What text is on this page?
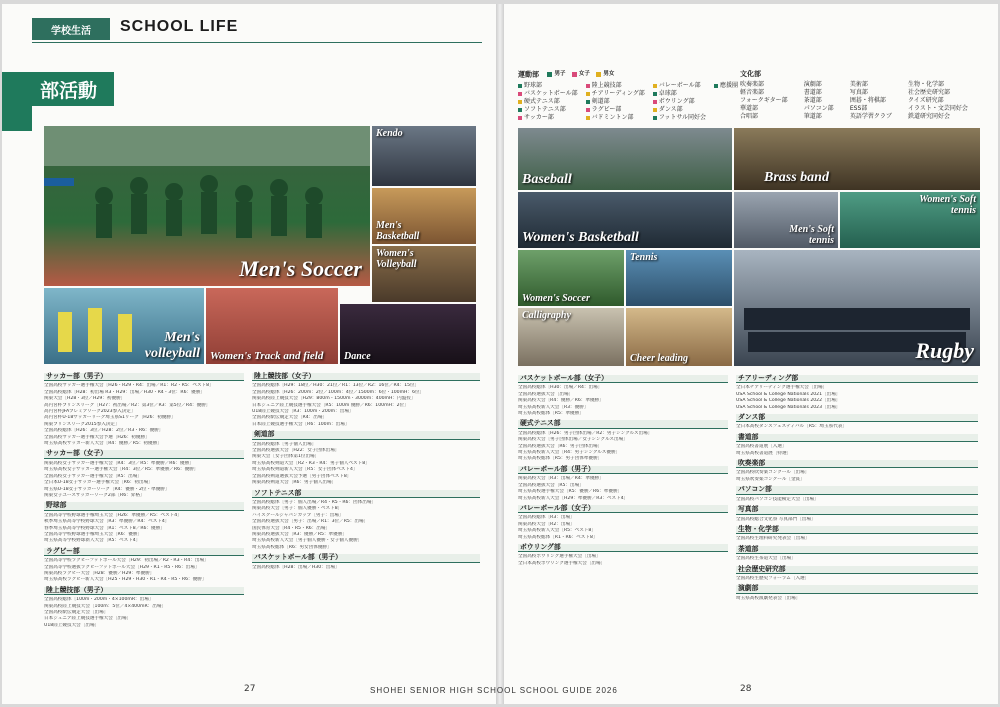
学校生活	SCHOOL LIFE
部活動
Men's Soccer
Kendo
Men's Basketball
Women's Volleyball
Men's volleyball Women's Track and field Dance
サッカー部（男子）
全国高校サッカー選手権大会［H26・R29・R4：出場／R1：R2・R5：ベスト8］
全国高校総体［H28：初出場 R3・H29：出場／H30・R4・3位：R6：優勝］
関東大会［H28・3位／H29：初優勝］
高円宮杯プリンスリーグ［H27：初出場／R2：第3位／R3：第5位／R4：優勝］
高円宮杯JFAプレミアリーグ2023参入決定］
高円宮杯U-18サッカーリーグ埼玉県S1リーグ［H26：初優勝］
関東プリンスリーグ2015参入決定］
全国高校総体［H26：3位／H28：2位／R3・R6：優勝］
全国高校サッカー選手権大会予選［H26：初優勝］
埼玉県高校サッカー新人大会［R4：優勝／R5：初優勝］
サッカー部（女子）
関東高校女子サッカー選手権大会［R4：3位／R5：準優勝／R6：優勝］
埼玉県高校女子サッカー選手権大会［R4：3位／R5：準優勝／R6：優勝］
全国高校女子サッカー選手権大会［R5：出場］
全日本U-18女子サッカー選手権大会［R6：初出場］
埼玉県U-18女子サッカーリーグ［R4：優勝・2位・準優勝］
関東女子ユースサッカーリーグ2部［R6：昇格］
野球部
全国高等学校野球選手権埼玉大会［H26：準優勝／R5：ベスト4］
秋季埼玉県高等学校野球大会［R3：準優勝／R4：ベスト4］
春季埼玉県高等学校野球大会［R1：ベスト8／R6：優勝］
全国高等学校野球選手権埼玉大会［R6：優勝］
埼玉県高等学校野球新人大会［R5：ベスト4］
ラグビー部
全国高等学校ラグビーフットボール大会［H29：初出場／R2・R3・R4：出場］
全国高等学校選抜ラグビーフットボール大会［H29・R1・R5・R6：出場］
関東高校ラグビー大会［H28：優勝／H29：準優勝］
埼玉県高校ラグビー新人大会［H25・H29・H30・R1・R4・R5・R6：優勝］
陸上競技部（男子）
全国高校総体［100m・200m・4×100mR：出場］
関東高校陸上競技大会［100m：5位／4×400mR：出場］
全国高校駅伝競走大会［出場］
日本ジュニア陸上競技選手権大会［出場］
U18陸上競技大会［出場］
陸上競技部（女子）
全国高校総体［H29：18位／H30：21位／R1：13位／R2：16位／R4：15位］
全国高校総体［H26：200m：2位／100m：4位／1500m：6位・100mH：6位］
関東高校陸上競技大会［H29：800m・1500m・3000m：400mH：円盤投］
日本ジュニア陸上競技選手権大会［R5：100m 優勝／R6：100mH：2位］
U18陸上競技大会［R3：100m・200m：出場］
全国高校駅伝競走大会［R4：出場］
日本陸上競技選手権大会［R6：100m：出場］
剣道部
全国高校総体［男子個人出場］
全国高校選抜大会［H22：女子団体出場］
関東大会［女子団体第1位出場］
埼玉県高校剣道大会［R2・R3・R4：男子個人ベスト8］
埼玉県高校剣道新人大会［R5：女子団体ベスト4］
全国高校剣道選抜大会予選［男子団体ベスト8］
関東高校剣道大会［R6：男子個人出場］
ソフトテニス部
全国高校総体［男子：個人出場／R4・R5・R6：団体出場］
関東高校大会［男子：個人優勝・ベスト8］
ハイスクールジャパンカップ［男子：出場］
全国高校選抜大会［男子：出場／R1：3位／R5：出場］
国民体育大会［R4・R5・R6：出場］
関東高校選抜大会［R3：優勝／R5：準優勝］
埼玉県高校新人大会［男子個人優勝・女子個人優勝］
埼玉県高校総体［R6：男女団体優勝］
バスケットボール部（男子）
全国高校総体［H28：出場／H30：出場］
27
運動部	男子
女子
男女
野球部	陸上競技部	バレーボール部	應援團
バスケットボール部 チアリーディング部 卓球部
硬式テニス部	剣道部	ボウリング部
ソフトテニス部	ラグビー部	ダンス部
サッカー部	バドミントン部	フットサル同好会
文化部
吹奏楽部	演劇部	美術部	生物・化学部
軽音楽部	書道部	写真部	社会歴史研究部
フォークギター部	茶道部	囲碁・将棋部	クイズ研究部
華道部	パソコン部	ESS部	イラスト・文芸同好会
合唱部	筆道部	英語学習クラブ	鉄道研究同好会
Baseball
Women's Basketball
Brass band
Men's Soft tennis
Women's Soft tennis
Women's Soccer
Tennis
Calligraphy
Cheer leading	Rugby
バスケットボール部（女子）
全国高校総体［H30：出場／R4：出場］
全国高校選抜大会［出場］
関東高校大会［R4：優勝／R6：準優勝］
埼玉県高校新人大会［R3：優勝］
埼玉県高校総体［R5：準優勝］
硬式テニス部
全国高校総体［H26：男子団体出場／R2：男子シングルス出場］
関東高校大会［男子団体出場／女子シングルス出場］
全国高校選抜大会［R6：男子団体出場］
埼玉県高校新人大会［R4：男子シングルス優勝］
埼玉県高校総体［R5：男子団体準優勝］
バレーボール部（男子）
関東高校大会［R3：出場／R4：準優勝］
全国高校選抜大会［R5：出場］
埼玉県高校選手権大会［R5：優勝／R6：準優勝］
埼玉県高校新人大会［H29：準優勝／R3：ベスト4］
バレーボール部（女子）
全国高校総体［R3：出場］
関東高校大会［R2：出場］
埼玉県高校新人大会［R5：ベスト8］
埼玉県高校総体［R1・R6：ベスト8］
ボウリング部
全国高校ボウリング選手権大会［出場］
全日本高校ボウリング選手権大会［出場］
チアリーディング部
全日本チアリーディング選手権大会［出場］
USA School & College Nationals 2021［出場］
USA School & College Nationals 2022［出場］
USA School & College Nationals 2023［出場］
ダンス部
全日本高校ダンスフェスティバル［R5：埼玉県代表］
書道部
全国高校書道展［入選］
埼玉県高校書道展［特選］
吹奏楽部
全国高校吹奏楽コンクール［出場］
埼玉県吹奏楽コンクール［金賞］
パソコン部
全国高校パソコン技能検定大会［出場］
写真部
全国高校総合文化祭 写真部門［出場］
生物・化学部
全国高校生理科研究発表会［出場］
茶道部
全国高校生茶道大会［出場］
社会歴史研究部
全国高校生歴史フォーラム［入選］
演劇部
埼玉県高校演劇発表会［出場］
28
SHOHEI SENIOR HIGH SCHOOL SCHOOL GUIDE 2026
